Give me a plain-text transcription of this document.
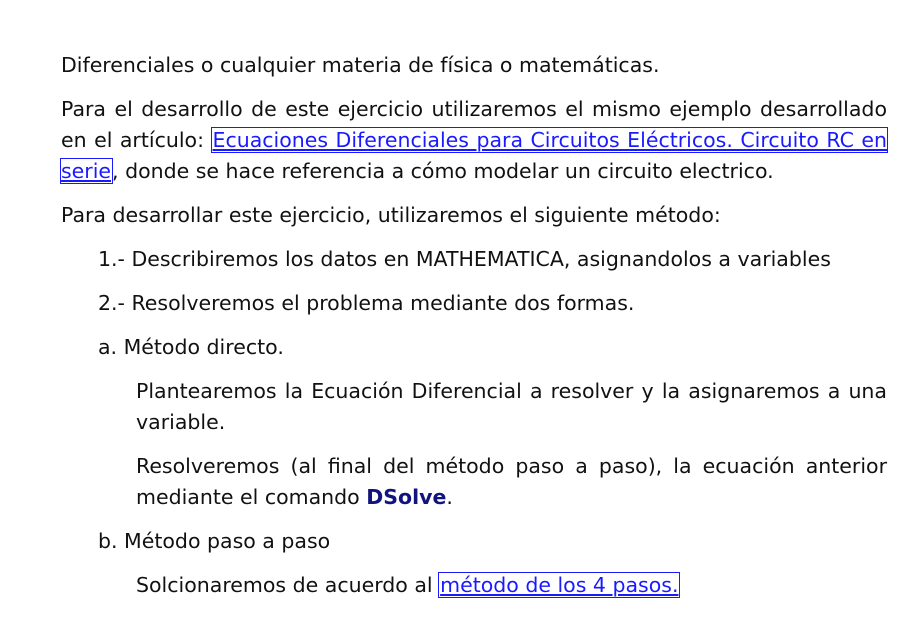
Diferenciales o cualquier materia de física o matemáticas.

Para el desarrollo de este ejercicio utilizaremos el mismo ejemplo desarrollado en el artículo: Ecuaciones Diferenciales para Circuitos Eléctricos. Circuito RC en serie, donde se hace referencia a cómo modelar un circuito electrico.

Para desarrollar este ejercicio, utilizaremos el siguiente método:

1.- Describiremos los datos en MATHEMATICA, asignandolos a variables

2.- Resolveremos el problema mediante dos formas.

a. Método directo.

Plantearemos la Ecuación Diferencial a resolver y la asignaremos a una variable.

Resolveremos (al final del método paso a paso), la ecuación anterior mediante el comando DSolve.

b. Método paso a paso

Solcionaremos de acuerdo al método de los 4 pasos.
